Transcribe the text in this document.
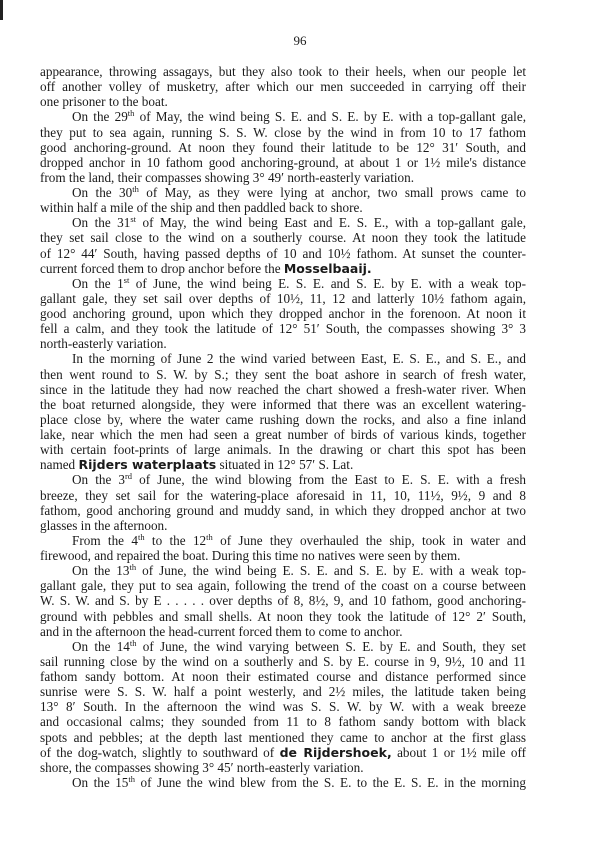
96
appearance, throwing assagays, but they also took to their heels, when our people let
off another volley of musketry, after which our men succeeded in carrying off their
one prisoner to the boat.
On the 29th of May, the wind being S. E. and S. E. by E. with a top-gallant gale,
they put to sea again, running S. S. W. close by the wind in from 10 to 17 fathom
good anchoring-ground. At noon they found their latitude to be 12° 31′ South, and
dropped anchor in 10 fathom good anchoring-ground, at about 1 or 1½ mile's distance
from the land, their compasses showing 3° 49′ north-easterly variation.
On the 30th of May, as they were lying at anchor, two small prows came to
within half a mile of the ship and then paddled back to shore.
On the 31st of May, the wind being East and E. S. E., with a top-gallant gale,
they set sail close to the wind on a southerly course. At noon they took the latitude
of 12° 44′ South, having passed depths of 10 and 10½ fathom. At sunset the counter-
current forced them to drop anchor before the Mosselbaaij.
On the 1st of June, the wind being E. S. E. and S. E. by E. with a weak top-
gallant gale, they set sail over depths of 10½, 11, 12 and latterly 10½ fathom again,
good anchoring ground, upon which they dropped anchor in the forenoon. At noon it
fell a calm, and they took the latitude of 12° 51′ South, the compasses showing 3° 3
north-easterly variation.
In the morning of June 2 the wind varied between East, E. S. E., and S. E., and
then went round to S. W. by S.; they sent the boat ashore in search of fresh water,
since in the latitude they had now reached the chart showed a fresh-water river. When
the boat returned alongside, they were informed that there was an excellent watering-
place close by, where the water came rushing down the rocks, and also a fine inland
lake, near which the men had seen a great number of birds of various kinds, together
with certain foot-prints of large animals. In the drawing or chart this spot has been
named Rijders waterplaats situated in 12° 57′ S. Lat.
On the 3rd of June, the wind blowing from the East to E. S. E. with a fresh
breeze, they set sail for the watering-place aforesaid in 11, 10, 11½, 9½, 9 and 8
fathom, good anchoring ground and muddy sand, in which they dropped anchor at two
glasses in the afternoon.
From the 4th to the 12th of June they overhauled the ship, took in water and
firewood, and repaired the boat. During this time no natives were seen by them.
On the 13th of June, the wind being E. S. E. and S. E. by E. with a weak top-
gallant gale, they put to sea again, following the trend of the coast on a course between
W. S. W. and S. by E . . . . . over depths of 8, 8½, 9, and 10 fathom, good anchoring-
ground with pebbles and small shells. At noon they took the latitude of 12° 2′ South,
and in the afternoon the head-current forced them to come to anchor.
On the 14th of June, the wind varying between S. E. by E. and South, they set
sail running close by the wind on a southerly and S. by E. course in 9, 9½, 10 and 11
fathom sandy bottom. At noon their estimated course and distance performed since
sunrise were S. S. W. half a point westerly, and 2½ miles, the latitude taken being
13° 8′ South. In the afternoon the wind was S. S. W. by W. with a weak breeze
and occasional calms; they sounded from 11 to 8 fathom sandy bottom with black
spots and pebbles; at the depth last mentioned they came to anchor at the first glass
of the dog-watch, slightly to southward of de Rijdershoek, about 1 or 1½ mile off
shore, the compasses showing 3° 45′ north-easterly variation.
On the 15th of June the wind blew from the S. E. to the E. S. E. in the morning
